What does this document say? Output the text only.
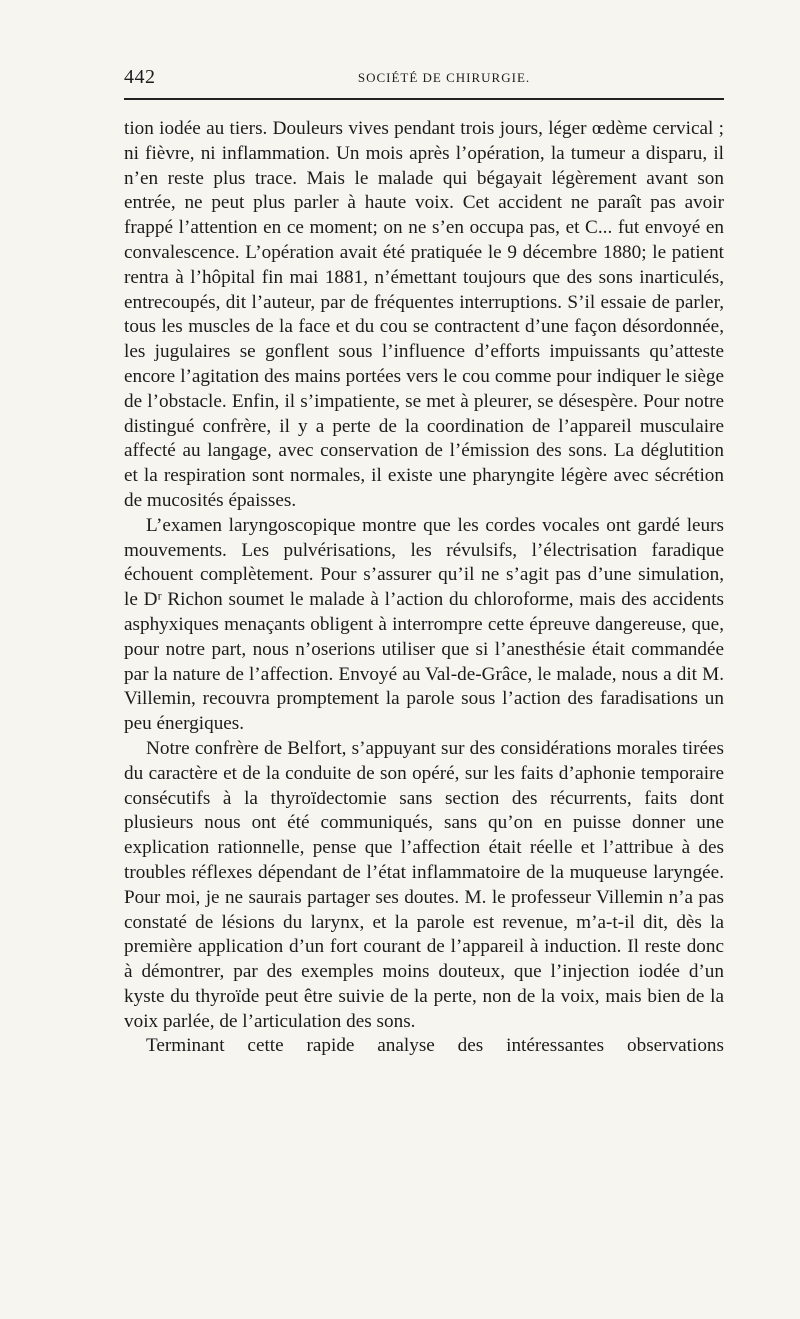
442	SOCIÉTÉ DE CHIRURGIE.

tion iodée au tiers. Douleurs vives pendant trois jours, léger œdème cervical ; ni fièvre, ni inflammation. Un mois après l’opération, la tumeur a disparu, il n’en reste plus trace. Mais le malade qui bégayait légèrement avant son entrée, ne peut plus parler à haute voix. Cet accident ne paraît pas avoir frappé l’attention en ce moment; on ne s’en occupa pas, et C... fut envoyé en convalescence. L’opération avait été pratiquée le 9 décembre 1880; le patient rentra à l’hôpital fin mai 1881, n’émettant toujours que des sons inarticulés, entrecoupés, dit l’auteur, par de fréquentes interruptions. S’il essaie de parler, tous les muscles de la face et du cou se contractent d’une façon désordonnée, les jugulaires se gonflent sous l’influence d’efforts impuissants qu’atteste encore l’agitation des mains portées vers le cou comme pour indiquer le siège de l’obstacle. Enfin, il s’impatiente, se met à pleurer, se désespère. Pour notre distingué confrère, il y a perte de la coordination de l’appareil musculaire affecté au langage, avec conservation de l’émission des sons. La déglutition et la respiration sont normales, il existe une pharyngite légère avec sécrétion de mucosités épaisses.

L’examen laryngoscopique montre que les cordes vocales ont gardé leurs mouvements. Les pulvérisations, les révulsifs, l’électrisation faradique échouent complètement. Pour s’assurer qu’il ne s’agit pas d’une simulation, le Dʳ Richon soumet le malade à l’action du chloroforme, mais des accidents asphyxiques menaçants obligent à interrompre cette épreuve dangereuse, que, pour notre part, nous n’oserions utiliser que si l’anesthésie était commandée par la nature de l’affection. Envoyé au Val-de-Grâce, le malade, nous a dit M. Villemin, recouvra promptement la parole sous l’action des faradisations un peu énergiques.

Notre confrère de Belfort, s’appuyant sur des considérations morales tirées du caractère et de la conduite de son opéré, sur les faits d’aphonie temporaire consécutifs à la thyroïdectomie sans section des récurrents, faits dont plusieurs nous ont été communiqués, sans qu’on en puisse donner une explication rationnelle, pense que l’affection était réelle et l’attribue à des troubles réflexes dépendant de l’état inflammatoire de la muqueuse laryngée. Pour moi, je ne saurais partager ses doutes. M. le professeur Villemin n’a pas constaté de lésions du larynx, et la parole est revenue, m’a-t-il dit, dès la première application d’un fort courant de l’appareil à induction. Il reste donc à démontrer, par des exemples moins douteux, que l’injection iodée d’un kyste du thyroïde peut être suivie de la perte, non de la voix, mais bien de la voix parlée, de l’articulation des sons.

Terminant cette rapide analyse des intéressantes observations
